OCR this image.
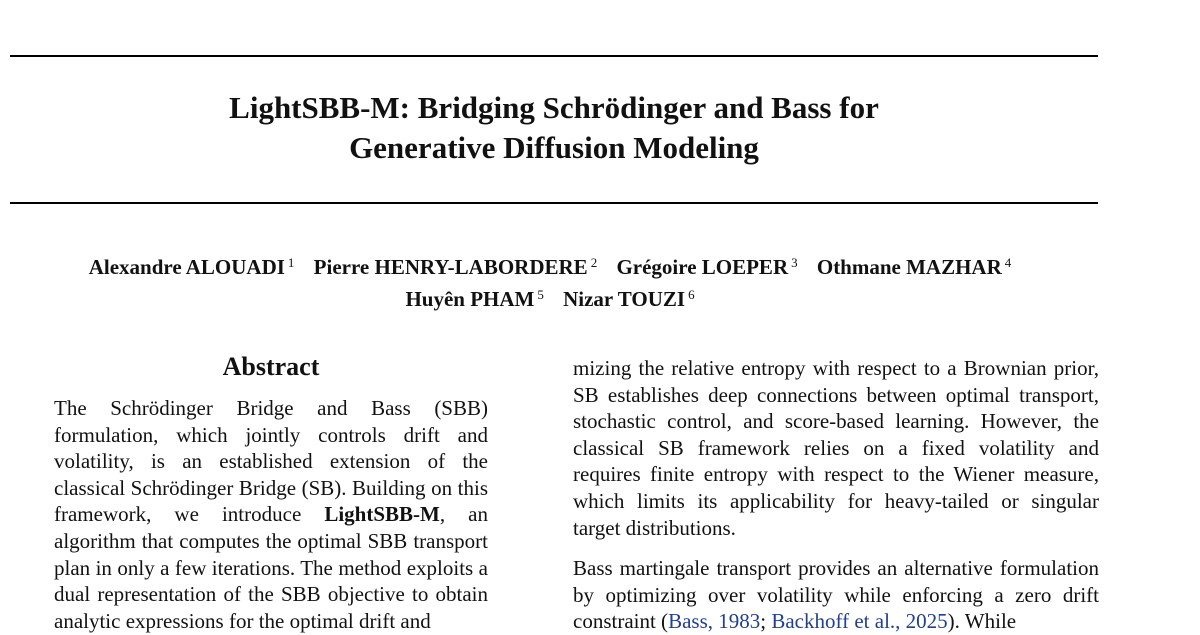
LightSBB-M: Bridging Schrödinger and Bass for
Generative Diffusion Modeling
Alexandre ALOUADI $^1$ Pierre HENRY-LABORDERE $^2$ Grégoire LOEPER $^3$ Othmane MAZHAR $^4$
Huyên PHAM $^5$ Nizar TOUZI $^6$
Abstract

The Schrödinger Bridge and Bass (SBB) formulation, which jointly controls drift and volatility, is an established extension of the classical Schrödinger Bridge (SB). Building on this framework, we introduce LightSBB-M, an algorithm that computes the optimal SBB transport plan in only a few iterations. The method exploits a dual representation of the SBB objective to obtain analytic expressions for the optimal drift and

mizing the relative entropy with respect to a Brownian prior, SB establishes deep connections between optimal transport, stochastic control, and score-based learning. However, the classical SB framework relies on a fixed volatility and requires finite entropy with respect to the Wiener measure, which limits its applicability for heavy-tailed or singular target distributions.

Bass martingale transport provides an alternative formulation by optimizing over volatility while enforcing a zero drift constraint (Bass, 1983; Backhoff et al., 2025). While
